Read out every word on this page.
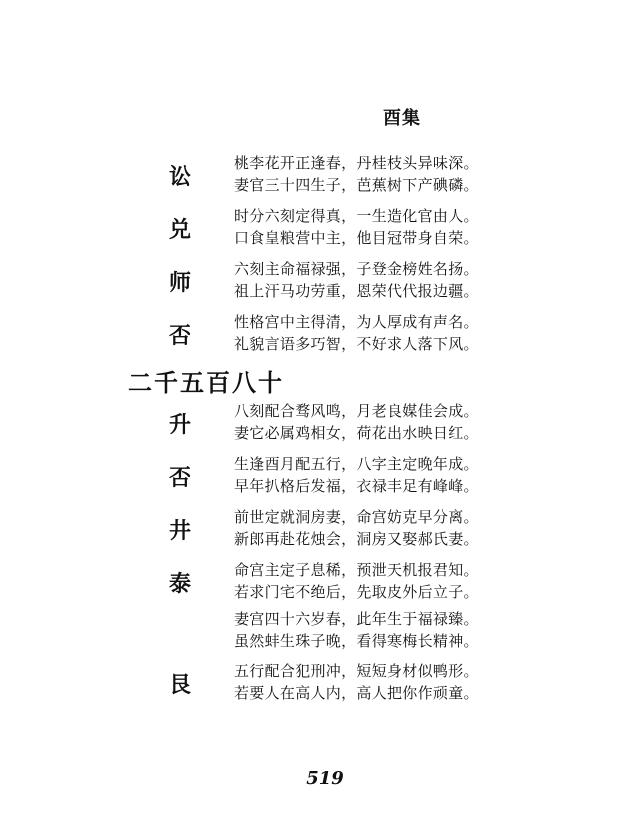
酉集
讼
桃李花开正逢春，丹桂枝头异味深。
妻官三十四生子，芭蕉树下产碘磷。
兑
时分六刻定得真，一生造化官由人。
口食皇粮营中主，他目冠带身自荣。
师
六刻主命福禄强，子登金榜姓名扬。
祖上汗马功劳重，恩荣代代报边疆。
否
性格宫中主得清，为人厚成有声名。
礼貌言语多巧智，不好求人落下风。
二千五百八十
升
八刻配合骛风鸣，月老良媒佳会成。
妻它必属鸡相女，荷花出水映日红。
否
生逢酉月配五行，八字主定晚年成。
早年扒格后发福，衣禄丰足有峰峰。
井
前世定就洞房妻，命宫妨克早分离。
新郎再赴花烛会，洞房又娶郝氏妻。
泰
命宫主定子息稀，预泄天机报君知。
若求门宅不绝后，先取皮外后立子。
妻宫四十六岁春，此年生于福禄臻。
虽然蚌生珠子晚，看得寒梅长精神。
艮
五行配合犯刑冲，短短身材似鸭形。
若要人在高人内，高人把你作顽童。
519
